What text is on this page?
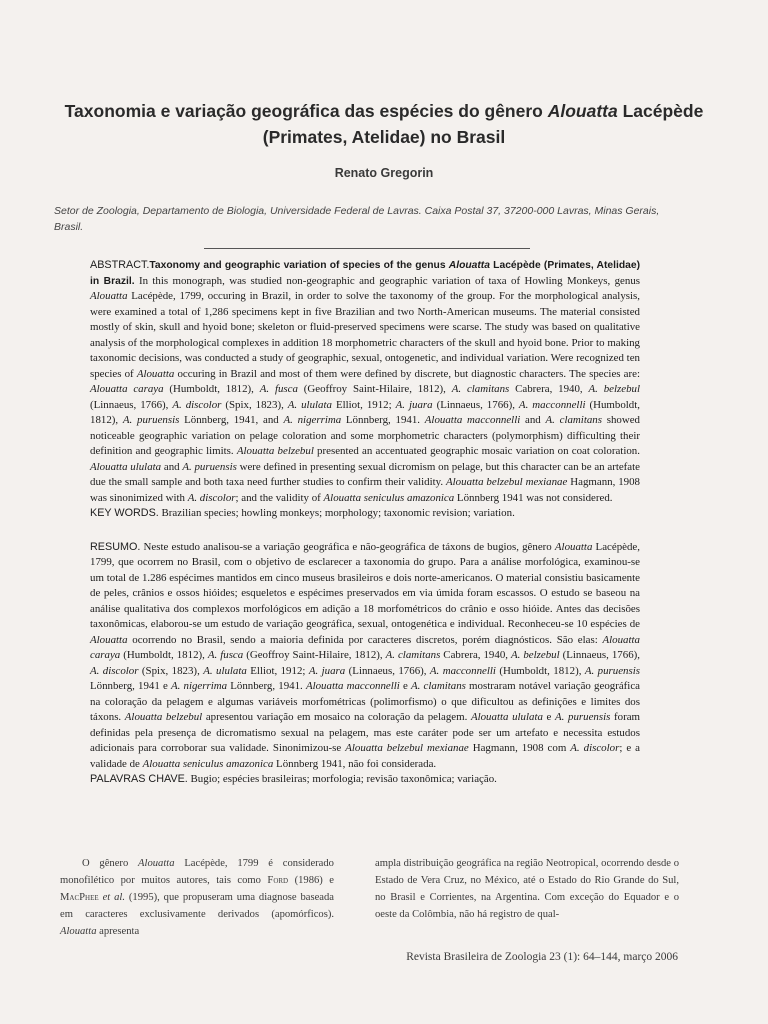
Taxonomia e variação geográfica das espécies do gênero Alouatta Lacépède
(Primates, Atelidae) no Brasil
Renato Gregorin
Setor de Zoologia, Departamento de Biologia, Universidade Federal de Lavras. Caixa Postal 37, 37200-000 Lavras, Minas Gerais, Brasil.

ABSTRACT.Taxonomy and geographic variation of species of the genus Alouatta Lacépède (Primates, Atelidae) in Brazil. In this monograph, was studied non-geographic and geographic variation of taxa of Howling Monkeys, genus Alouatta Lacépède, 1799, occuring in Brazil, in order to solve the taxonomy of the group. For the morphological analysis, were examined a total of 1,286 specimens kept in five Brazilian and two North-American museums. The material consisted mostly of skin, skull and hyoid bone; skeleton or fluid-preserved specimens were scarse. The study was based on qualitative analysis of the morphological complexes in addition 18 morphometric characters of the skull and hyoid bone. Prior to making taxonomic decisions, was conducted a study of geographic, sexual, ontogenetic, and individual variation. Were recognized ten species of Alouatta occuring in Brazil and most of them were defined by discrete, but diagnostic characters. The species are: Alouatta caraya (Humboldt, 1812), A. fusca (Geoffroy Saint-Hilaire, 1812), A. clamitans Cabrera, 1940, A. belzebul (Linnaeus, 1766), A. discolor (Spix, 1823), A. ululata Elliot, 1912; A. juara (Linnaeus, 1766), A. macconnelli (Humboldt, 1812), A. puruensis Lönnberg, 1941, and A. nigerrima Lönnberg, 1941. Alouatta macconnelli and A. clamitans showed noticeable geographic variation on pelage coloration and some morphometric characters (polymorphism) difficulting their definition and geographic limits. Alouatta belzebul presented an accentuated geographic mosaic variation on coat coloration. Alouatta ululata and A. puruensis were defined in presenting sexual dicromism on pelage, but this character can be an artefate due the small sample and both taxa need further studies to confirm their validity. Alouatta belzebul mexianae Hagmann, 1908 was sinonimized with A. discolor; and the validity of Alouatta seniculus amazonica Lönnberg 1941 was not considered.

KEY WORDS. Brazilian species; howling monkeys; morphology; taxonomic revision; variation.

RESUMO. Neste estudo analisou-se a variação geográfica e não-geográfica de táxons de bugios, gênero Alouatta Lacépède, 1799, que ocorrem no Brasil, com o objetivo de esclarecer a taxonomia do grupo. Para a análise morfológica, examinou-se um total de 1.286 espécimes mantidos em cinco museus brasileiros e dois norte-americanos. O material consistiu basicamente de peles, crânios e ossos hióides; esqueletos e espécimes preservados em via úmida foram escassos. O estudo se baseou na análise qualitativa dos complexos morfológicos em adição a 18 morfométricos do crânio e osso hióide. Antes das decisões taxonômicas, elaborou-se um estudo de variação geográfica, sexual, ontogenética e individual. Reconheceu-se 10 espécies de Alouatta ocorrendo no Brasil, sendo a maioria definida por caracteres discretos, porém diagnósticos. São elas: Alouatta caraya (Humboldt, 1812), A. fusca (Geoffroy Saint-Hilaire, 1812), A. clamitans Cabrera, 1940, A. belzebul (Linnaeus, 1766), A. discolor (Spix, 1823), A. ululata Elliot, 1912; A. juara (Linnaeus, 1766), A. macconnelli (Humboldt, 1812), A. puruensis Lönnberg, 1941 e A. nigerrima Lönnberg, 1941. Alouatta macconnelli e A. clamitans mostraram notável variação geográfica na coloração da pelagem e algumas variáveis morfométricas (polimorfismo) o que dificultou as definições e limites dos táxons. Alouatta belzebul apresentou variação em mosaico na coloração da pelagem. Alouatta ululata e A. puruensis foram definidas pela presença de dicromatismo sexual na pelagem, mas este caráter pode ser um artefato e necessita estudos adicionais para corroborar sua validade. Sinonimizou-se Alouatta belzebul mexianae Hagmann, 1908 com A. discolor; e a validade de Alouatta seniculus amazonica Lönnberg 1941, não foi considerada.

PALAVRAS CHAVE. Bugio; espécies brasileiras; morfologia; revisão taxonômica; variação.

O gênero Alouatta Lacépède, 1799 é considerado monofilético por muitos autores, tais como Ford (1986) e MacPhee et al. (1995), que propuseram uma diagnose baseada em caracteres exclusivamente derivados (apomórficos). Alouatta apresenta
ampla distribuição geográfica na região Neotropical, ocorrendo desde o Estado de Vera Cruz, no México, até o Estado do Rio Grande do Sul, no Brasil e Corrientes, na Argentina. Com exceção do Equador e o oeste da Colômbia, não há registro de qual-
Revista Brasileira de Zoologia 23 (1): 64–144, março 2006
